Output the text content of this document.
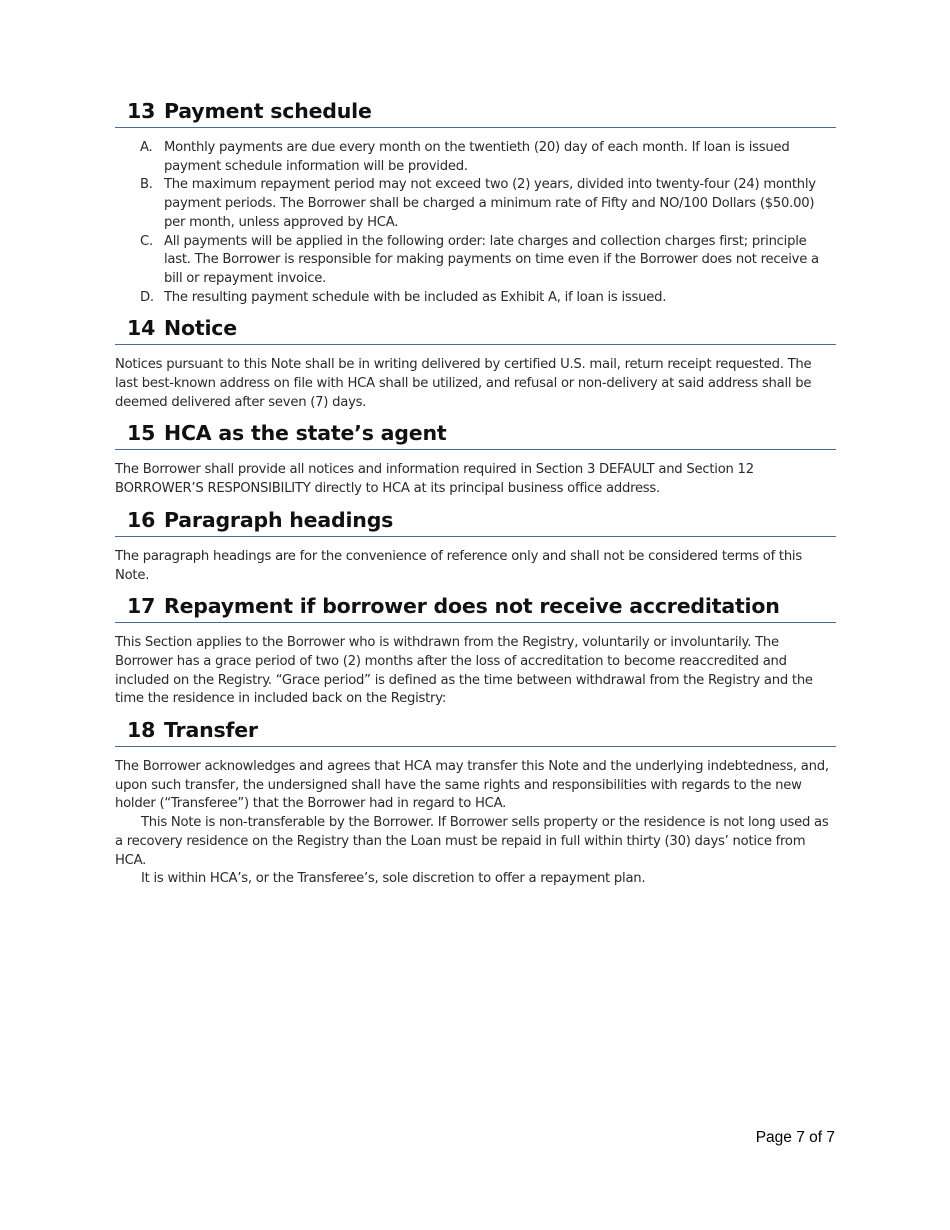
13 Payment schedule
A. Monthly payments are due every month on the twentieth (20) day of each month. If loan is issued payment schedule information will be provided.
B. The maximum repayment period may not exceed two (2) years, divided into twenty-four (24) monthly payment periods. The Borrower shall be charged a minimum rate of Fifty and NO/100 Dollars ($50.00) per month, unless approved by HCA.
C. All payments will be applied in the following order: late charges and collection charges first; principle last. The Borrower is responsible for making payments on time even if the Borrower does not receive a bill or repayment invoice.
D. The resulting payment schedule with be included as Exhibit A, if loan is issued.
14 Notice

Notices pursuant to this Note shall be in writing delivered by certified U.S. mail, return receipt requested. The last best-known address on file with HCA shall be utilized, and refusal or non-delivery at said address shall be deemed delivered after seven (7) days.

15 HCA as the state’s agent

The Borrower shall provide all notices and information required in Section 3 DEFAULT and Section 12 BORROWER’S RESPONSIBILITY directly to HCA at its principal business office address.

16 Paragraph headings

The paragraph headings are for the convenience of reference only and shall not be considered terms of this Note.

17 Repayment if borrower does not receive accreditation

This Section applies to the Borrower who is withdrawn from the Registry, voluntarily or involuntarily. The Borrower has a grace period of two (2) months after the loss of accreditation to become reaccredited and included on the Registry. “Grace period” is defined as the time between withdrawal from the Registry and the time the residence in included back on the Registry:

18 Transfer

The Borrower acknowledges and agrees that HCA may transfer this Note and the underlying indebtedness, and, upon such transfer, the undersigned shall have the same rights and responsibilities with regards to the new holder (“Transferee”) that the Borrower had in regard to HCA.

This Note is non-transferable by the Borrower. If Borrower sells property or the residence is not long used as a recovery residence on the Registry than the Loan must be repaid in full within thirty (30) days’ notice from HCA.

It is within HCA’s, or the Transferee’s, sole discretion to offer a repayment plan.

Page 7 of 7
